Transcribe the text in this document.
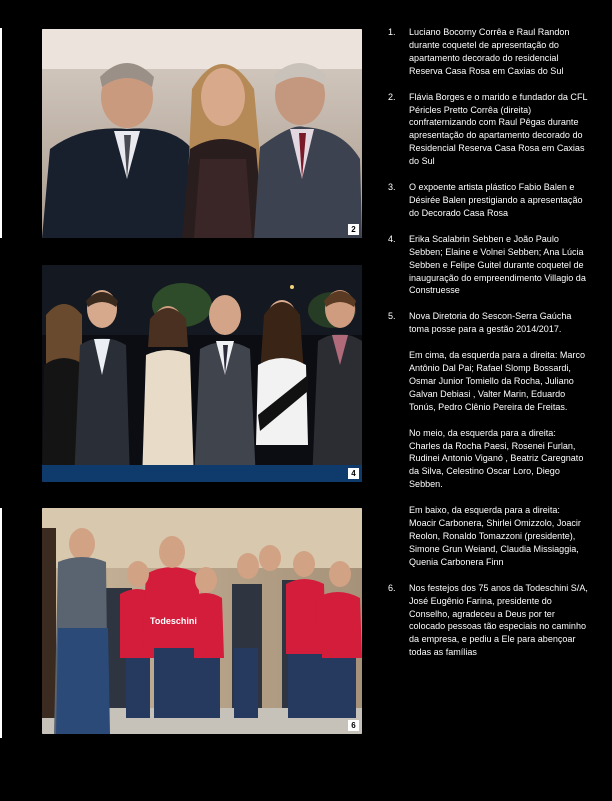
2
4
Todeschini
6
1.	Luciano Bocorny Corrêa e Raul Randon durante coquetel de apresentação do apartamento decorado do residencial Reserva Casa Rosa em Caxias do Sul
2.	Flávia Borges e o marido e fundador da CFL Péricles Pretto Corrêa (direita) confraternizando com Raul Pêgas durante apresentação do apartamento decorado do Residencial Reserva Casa Rosa em Caxias do Sul
3.	O expoente artista plástico Fabio Balen e Désirée Balen prestigiando a apresentação do Decorado Casa Rosa
4.	Erika Scalabrin Sebben e João Paulo Sebben; Elaine e Volnei Sebben; Ana Lúcia Sebben e Felipe Guitel durante coquetel de inauguração do empreendimento Villagio da Construesse
5.	Nova Diretoria do Sescon-Serra Gaúcha toma posse para a gestão 2014/2017.
Em cima, da esquerda para a direita: Marco Antônio Dal Pai; Rafael Slomp Bossardi, Osmar Junior Tomiello da Rocha, Juliano Galvan Debiasi , Valter Marin, Eduardo Tonús, Pedro Clênio Pereira de Freitas.
No meio, da esquerda para a direita: Charles da Rocha Paesi, Rosenei Furlan, Rudinei Antonio Viganó , Beatriz Caregnato da Silva, Celestino Oscar Loro, Diego Sebben.
Em baixo, da esquerda para a direita: Moacir Carbonera, Shirlei Omizzolo, Joacir Reolon, Ronaldo Tomazzoni (presidente), Simone Grun Weiand, Claudia Missiaggia, Quenia Carbonera Finn
6.	Nos festejos dos 75 anos da Todeschini S/A, José Eugênio Farina, presidente do Conselho, agradeceu a Deus por ter colocado pessoas tão especiais no caminho da empresa, e pediu a Ele para abençoar todas as famílias
